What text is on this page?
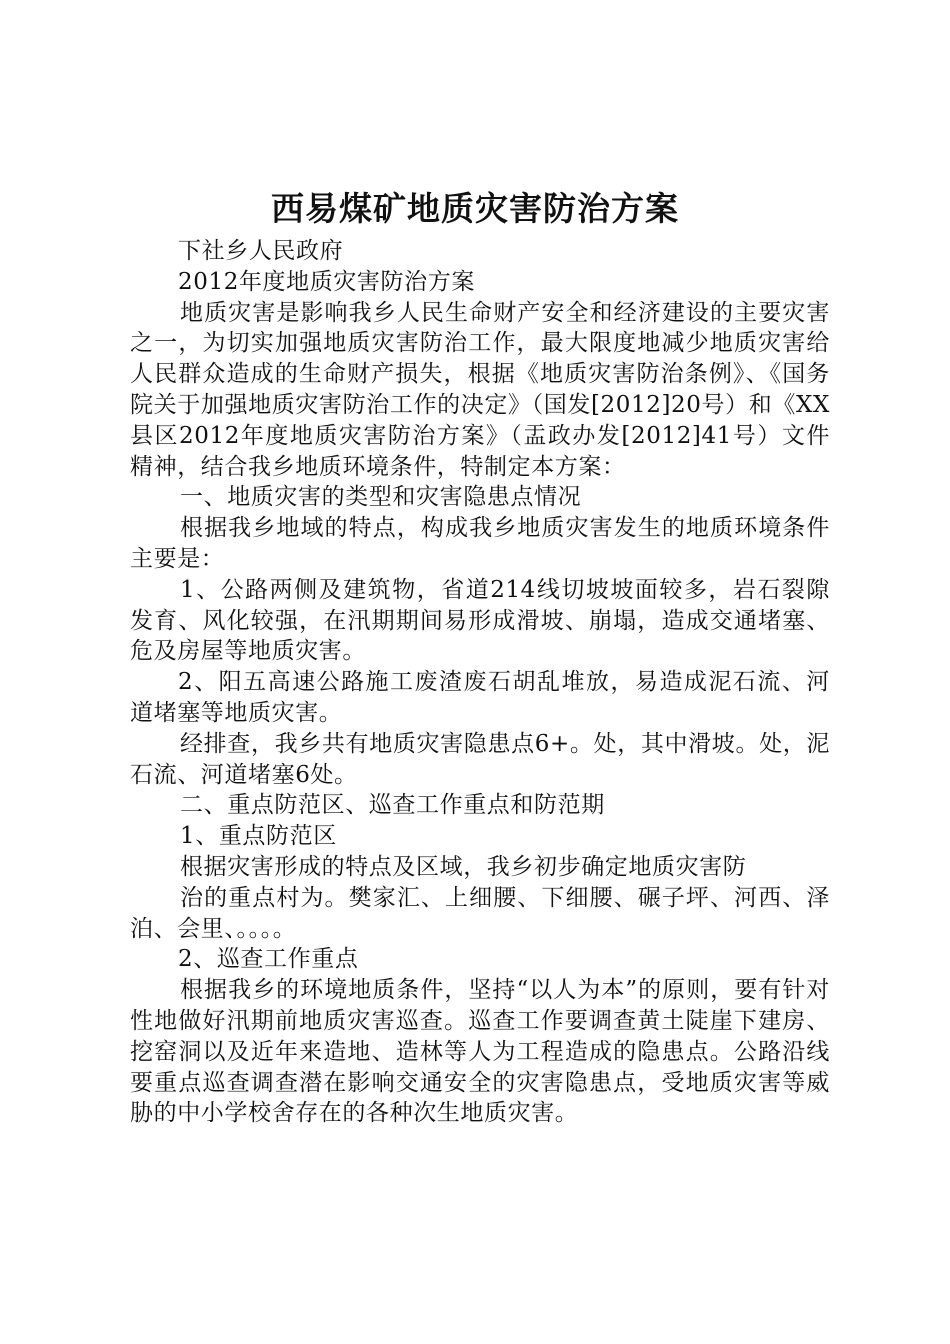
西易煤矿地质灾害防治方案

下社乡人民政府

2012年度地质灾害防治方案

地质灾害是影响我乡人民生命财产安全和经济建设的主要灾害之一，为切实加强地质灾害防治工作，最大限度地减少地质灾害给人民群众造成的生命财产损失，根据《地质灾害防治条例》、《国务院关于加强地质灾害防治工作的决定》（国发[2012]20号）和《XX县区2012年度地质灾害防治方案》（盂政办发[2012]41号）文件精神，结合我乡地质环境条件，特制定本方案：

一、地质灾害的类型和灾害隐患点情况

根据我乡地域的特点，构成我乡地质灾害发生的地质环境条件主要是：

1、公路两侧及建筑物，省道214线切坡坡面较多，岩石裂隙发育、风化较强，在汛期期间易形成滑坡、崩塌，造成交通堵塞、危及房屋等地质灾害。

2、阳五高速公路施工废渣废石胡乱堆放，易造成泥石流、河道堵塞等地质灾害。

经排查，我乡共有地质灾害隐患点6+。处，其中滑坡。处，泥石流、河道堵塞6处。

二、重点防范区、巡查工作重点和防范期

1、重点防范区

根据灾害形成的特点及区域，我乡初步确定地质灾害防

治的重点村为。樊家汇、上细腰、下细腰、碾子坪、河西、泽泊、会里、。。。。

2、巡查工作重点

根据我乡的环境地质条件，坚持“以人为本”的原则，要有针对性地做好汛期前地质灾害巡查。巡查工作要调查黄土陡崖下建房、挖窑洞以及近年来造地、造林等人为工程造成的隐患点。公路沿线要重点巡查调查潜在影响交通安全的灾害隐患点，受地质灾害等威胁的中小学校舍存在的各种次生地质灾害。
